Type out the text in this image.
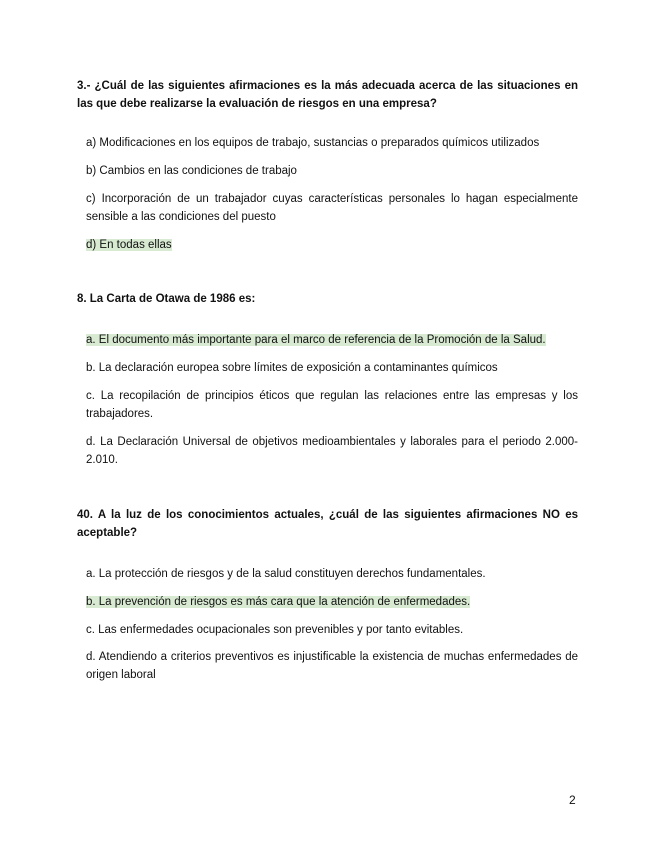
3.- ¿Cuál de las siguientes afirmaciones es la más adecuada acerca de las situaciones en las que debe realizarse la evaluación de riesgos en una empresa?
a) Modificaciones en los equipos de trabajo, sustancias o preparados químicos utilizados
b) Cambios en las condiciones de trabajo
c) Incorporación de un trabajador cuyas características personales lo hagan especialmente sensible a las condiciones del puesto
d) En todas ellas
8. La Carta de Otawa de 1986 es:
a. El documento más importante para el marco de referencia de la Promoción de la Salud.
b. La declaración europea sobre límites de exposición a contaminantes químicos
c. La recopilación de principios éticos que regulan las relaciones entre las empresas y los trabajadores.
d. La Declaración Universal de objetivos medioambientales y laborales para el periodo 2.000-2.010.
40. A la luz de los conocimientos actuales, ¿cuál de las siguientes afirmaciones NO es aceptable?
a. La protección de riesgos y de la salud constituyen derechos fundamentales.
b. La prevención de riesgos es más cara que la atención de enfermedades.
c. Las enfermedades ocupacionales son prevenibles y por tanto evitables.
d. Atendiendo a criterios preventivos es injustificable la existencia de muchas enfermedades de origen laboral
2
